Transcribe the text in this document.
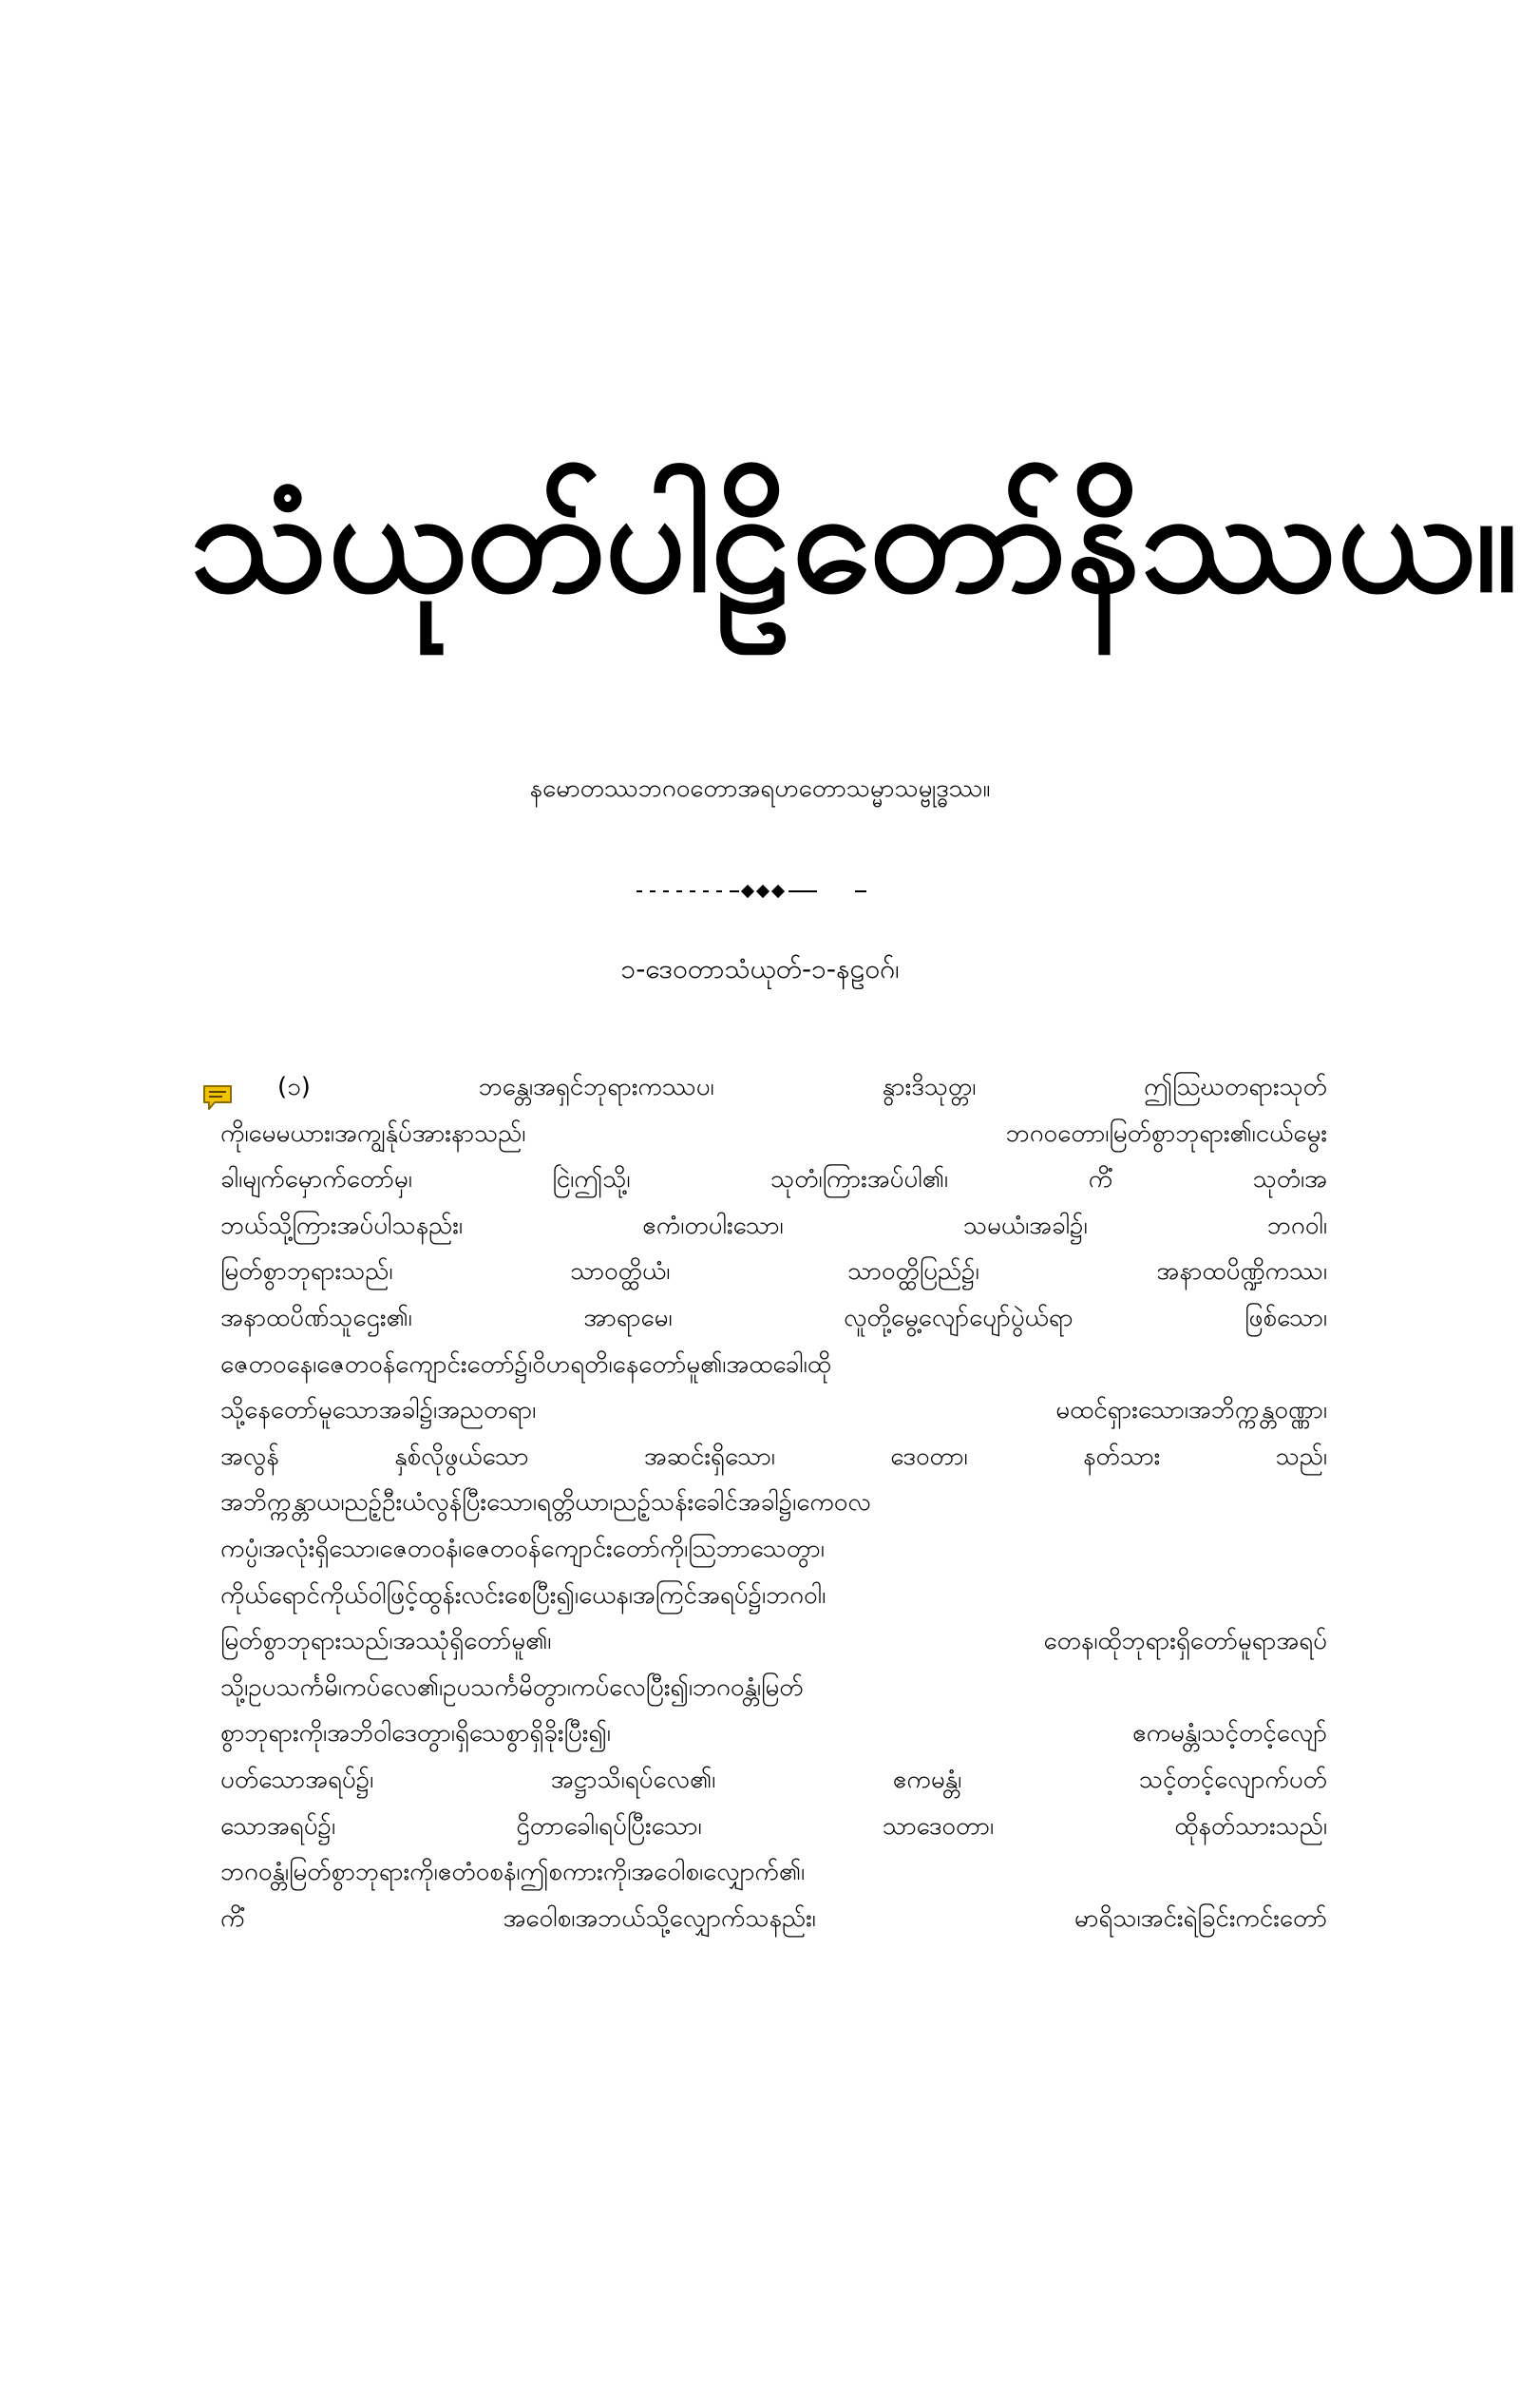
သံယုတ်ပါဠိတော်နိဿယ။
နမောတဿဘဂဝတောအရဟတောသမ္မာသမ္ဗုဒ္ဓဿ။
၁-ဒေဝတာသံယုတ်-၁-နဠဝဂ်၊
(၁) ဘန္တေ၊အရှင်ဘုရားကဿပ၊ နွားဒိသုတ္တ၊ ဤသြဃတရားသုတ်
ကို၊မေမယား၊အကျွန်ုပ်အားနာသည်၊ ဘဂဝတော၊မြတ်စွာဘုရား၏၊ငယ်မွေး
ခါ၊မျက်မှောက်တော်မှ၊ ငြဲ၊ဤသို့၊ သုတံ၊ကြားအပ်ပါ၏၊ ကိံ သုတံ၊အ
ဘယ်သို့ကြားအပ်ပါသနည်း၊ ဧကံ၊တပါးသော၊ သမယံ၊အခါ၌၊ ဘဂဝါ၊
မြတ်စွာဘုရားသည်၊ သာဝတ္ထိယံ၊ သာဝတ္ထိပြည်၌၊ အနာထပိဏ္ဍိကဿ၊
အနာထပိဏ်သူဌေး၏၊ အာရာမေ၊ လူတို့မွေ့လျော်ပျော်ပွဲယ်ရာ ဖြစ်သော၊
ဇေတဝနေ၊ဇေတဝန်ကျောင်းတော်၌၊ဝိဟရတိ၊နေတော်မူ၏၊အထခေါ၊ထို
သို့နေတော်မူသောအခါ၌၊အညတရာ၊ မထင်ရှားသော၊အဘိက္ကန္တဝဏ္ဏာ၊
အလွန် နှစ်လိုဖွယ်သော အဆင်းရှိသော၊ ဒေဝတာ၊ နတ်သား သည်၊
အဘိက္ကန္တာယ၊ညဉ့်ဦးယံလွန်ပြီးသော၊ရတ္တိယာ၊ညဉ့်သန်းခေါင်အခါ၌၊ကေဝလ
ကပ္ပံ၊အလုံးရှိသော၊ဇေတဝနံ၊ဇေတဝန်ကျောင်းတော်ကို၊ဩဘာသေတွာ၊
ကိုယ်ရောင်ကိုယ်ဝါဖြင့်ထွန်းလင်းစေပြီး၍၊ယေန၊အကြင်အရပ်၌၊ဘဂဝါ၊
မြတ်စွာဘုရားသည်၊အဿုံရှိတော်မူ၏၊ တေန၊ထိုဘုရားရှိတော်မူရာအရပ်
သို့၊ဥပသင်္ကမိ၊ကပ်လေ၏၊ဥပသင်္ကမိတွာ၊ကပ်လေပြီး၍၊ဘဂဝန္တံ၊မြတ်
စွာဘုရားကို၊အဘိဝါဒေတွာ၊ရှိသေစွာရှိခိုးပြီး၍၊ ဧကမန္တံ၊သင့်တင့်လျော်
ပတ်သောအရပ်၌၊ အဋ္ဌာသိ၊ရပ်လေ၏၊ ဧကမန္တံ၊ သင့်တင့်လျောက်ပတ်
သောအရပ်၌၊ ဌိတာခေါ၊ရပ်ပြီးသော၊ သာဒေဝတာ၊ ထိုနတ်သားသည်၊
ဘဂဝန္တံ၊မြတ်စွာဘုရားကို၊ဧတံဝစနံ၊ဤစကားကို၊အဝေါစ၊လျှောက်၏၊
ကိံ အဝေါစ၊အဘယ်သို့လျှောက်သနည်း၊ မာရိသ၊အင်းရဲခြင်းကင်းတော်
